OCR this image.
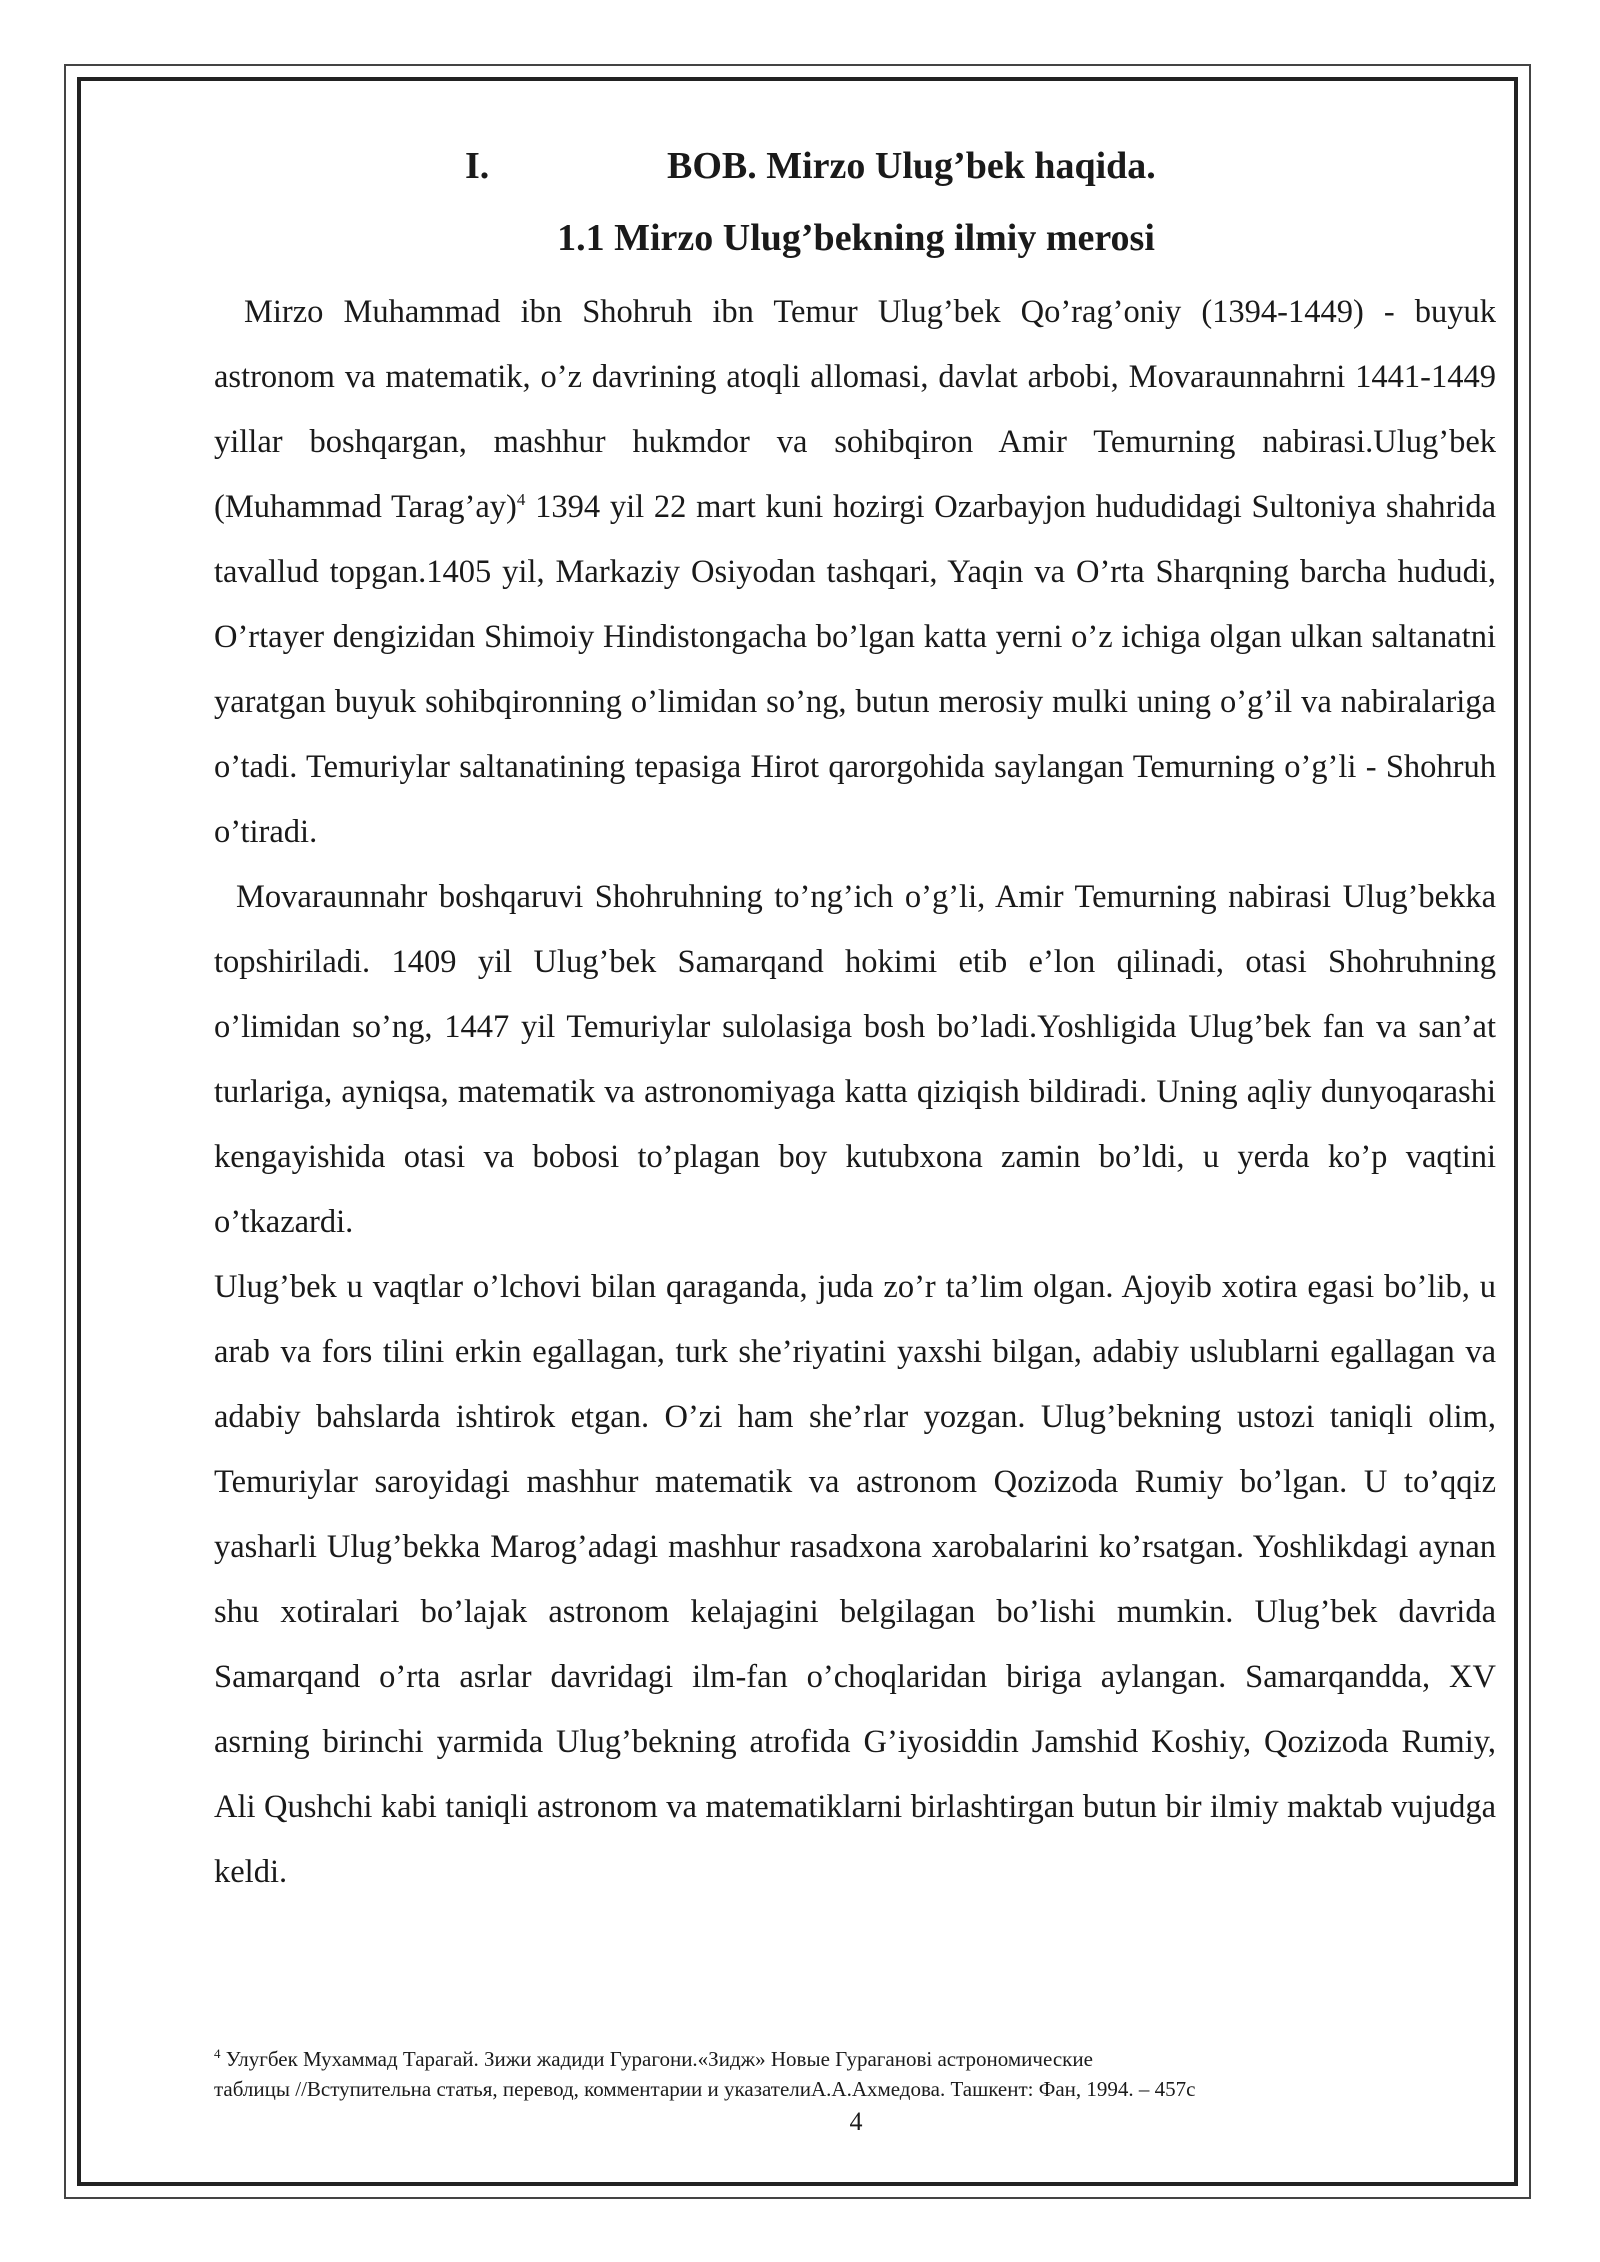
I.	BOB. Mirzo Ulug’bek haqida.
1.1 Mirzo Ulug’bekning ilmiy merosi

Mirzo Muhammad ibn Shohruh ibn Temur Ulug’bek Qo’rag’oniy (1394-1449) - buyuk astronom va matematik, o’z davrining atoqli allomasi, davlat arbobi, Movaraunnahrni 1441-1449 yillar boshqargan, mashhur hukmdor va sohibqiron Amir Temurning nabirasi.Ulug’bek (Muhammad Tarag’ay)$^4$ 1394 yil 22 mart kuni hozirgi Ozarbayjon hududidagi Sultoniya shahrida tavallud topgan.1405 yil, Markaziy Osiyodan tashqari, Yaqin va O’rta Sharqning barcha hududi, O’rtayer dengizidan Shimoiy Hindistongacha bo’lgan katta yerni o’z ichiga olgan ulkan saltanatni yaratgan buyuk sohibqironning o’limidan so’ng, butun merosiy mulki uning o’g’il va nabiralariga o’tadi. Temuriylar saltanatining tepasiga Hirot qarorgohida saylangan Temurning o’g’li - Shohruh o’tiradi.

Movaraunnahr boshqaruvi Shohruhning to’ng’ich o’g’li, Amir Temurning nabirasi Ulug’bekka topshiriladi. 1409 yil Ulug’bek Samarqand hokimi etib e’lon qilinadi, otasi Shohruhning o’limidan so’ng, 1447 yil Temuriylar sulolasiga bosh bo’ladi.Yoshligida Ulug’bek fan va san’at turlariga, ayniqsa, matematik va astronomiyaga katta qiziqish bildiradi. Uning aqliy dunyoqarashi kengayishida otasi va bobosi to’plagan boy kutubxona zamin bo’ldi, u yerda ko’p vaqtini o’tkazardi.

Ulug’bek u vaqtlar o’lchovi bilan qaraganda, juda zo’r ta’lim olgan. Ajoyib xotira egasi bo’lib, u arab va fors tilini erkin egallagan, turk she’riyatini yaxshi bilgan, adabiy uslublarni egallagan va adabiy bahslarda ishtirok etgan. O’zi ham she’rlar yozgan. Ulug’bekning ustozi taniqli olim, Temuriylar saroyidagi mashhur matematik va astronom Qozizoda Rumiy bo’lgan. U to’qqiz yasharli Ulug’bekka Marog’adagi mashhur rasadxona xarobalarini ko’rsatgan. Yoshlikdagi aynan shu xotiralari bo’lajak astronom kelajagini belgilagan bo’lishi mumkin. Ulug’bek davrida Samarqand o’rta asrlar davridagi ilm-fan o’choqlaridan biriga aylangan. Samarqandda, XV asrning birinchi yarmida Ulug’bekning atrofida G’iyosiddin Jamshid Koshiy, Qozizoda Rumiy, Ali Qushchi kabi taniqli astronom va matematiklarni birlashtirgan butun bir ilmiy maktab vujudga keldi.

$^4$ Улугбек Мухаммад Тарагай. Зижи жадиди Гурагони.«Зидж» Новые Гураганові астрономические

таблицы //Вступительна статья, перевод, комментарии и указателиА.А.Ахмедова. Ташкент: Фан, 1994. – 457с

4
